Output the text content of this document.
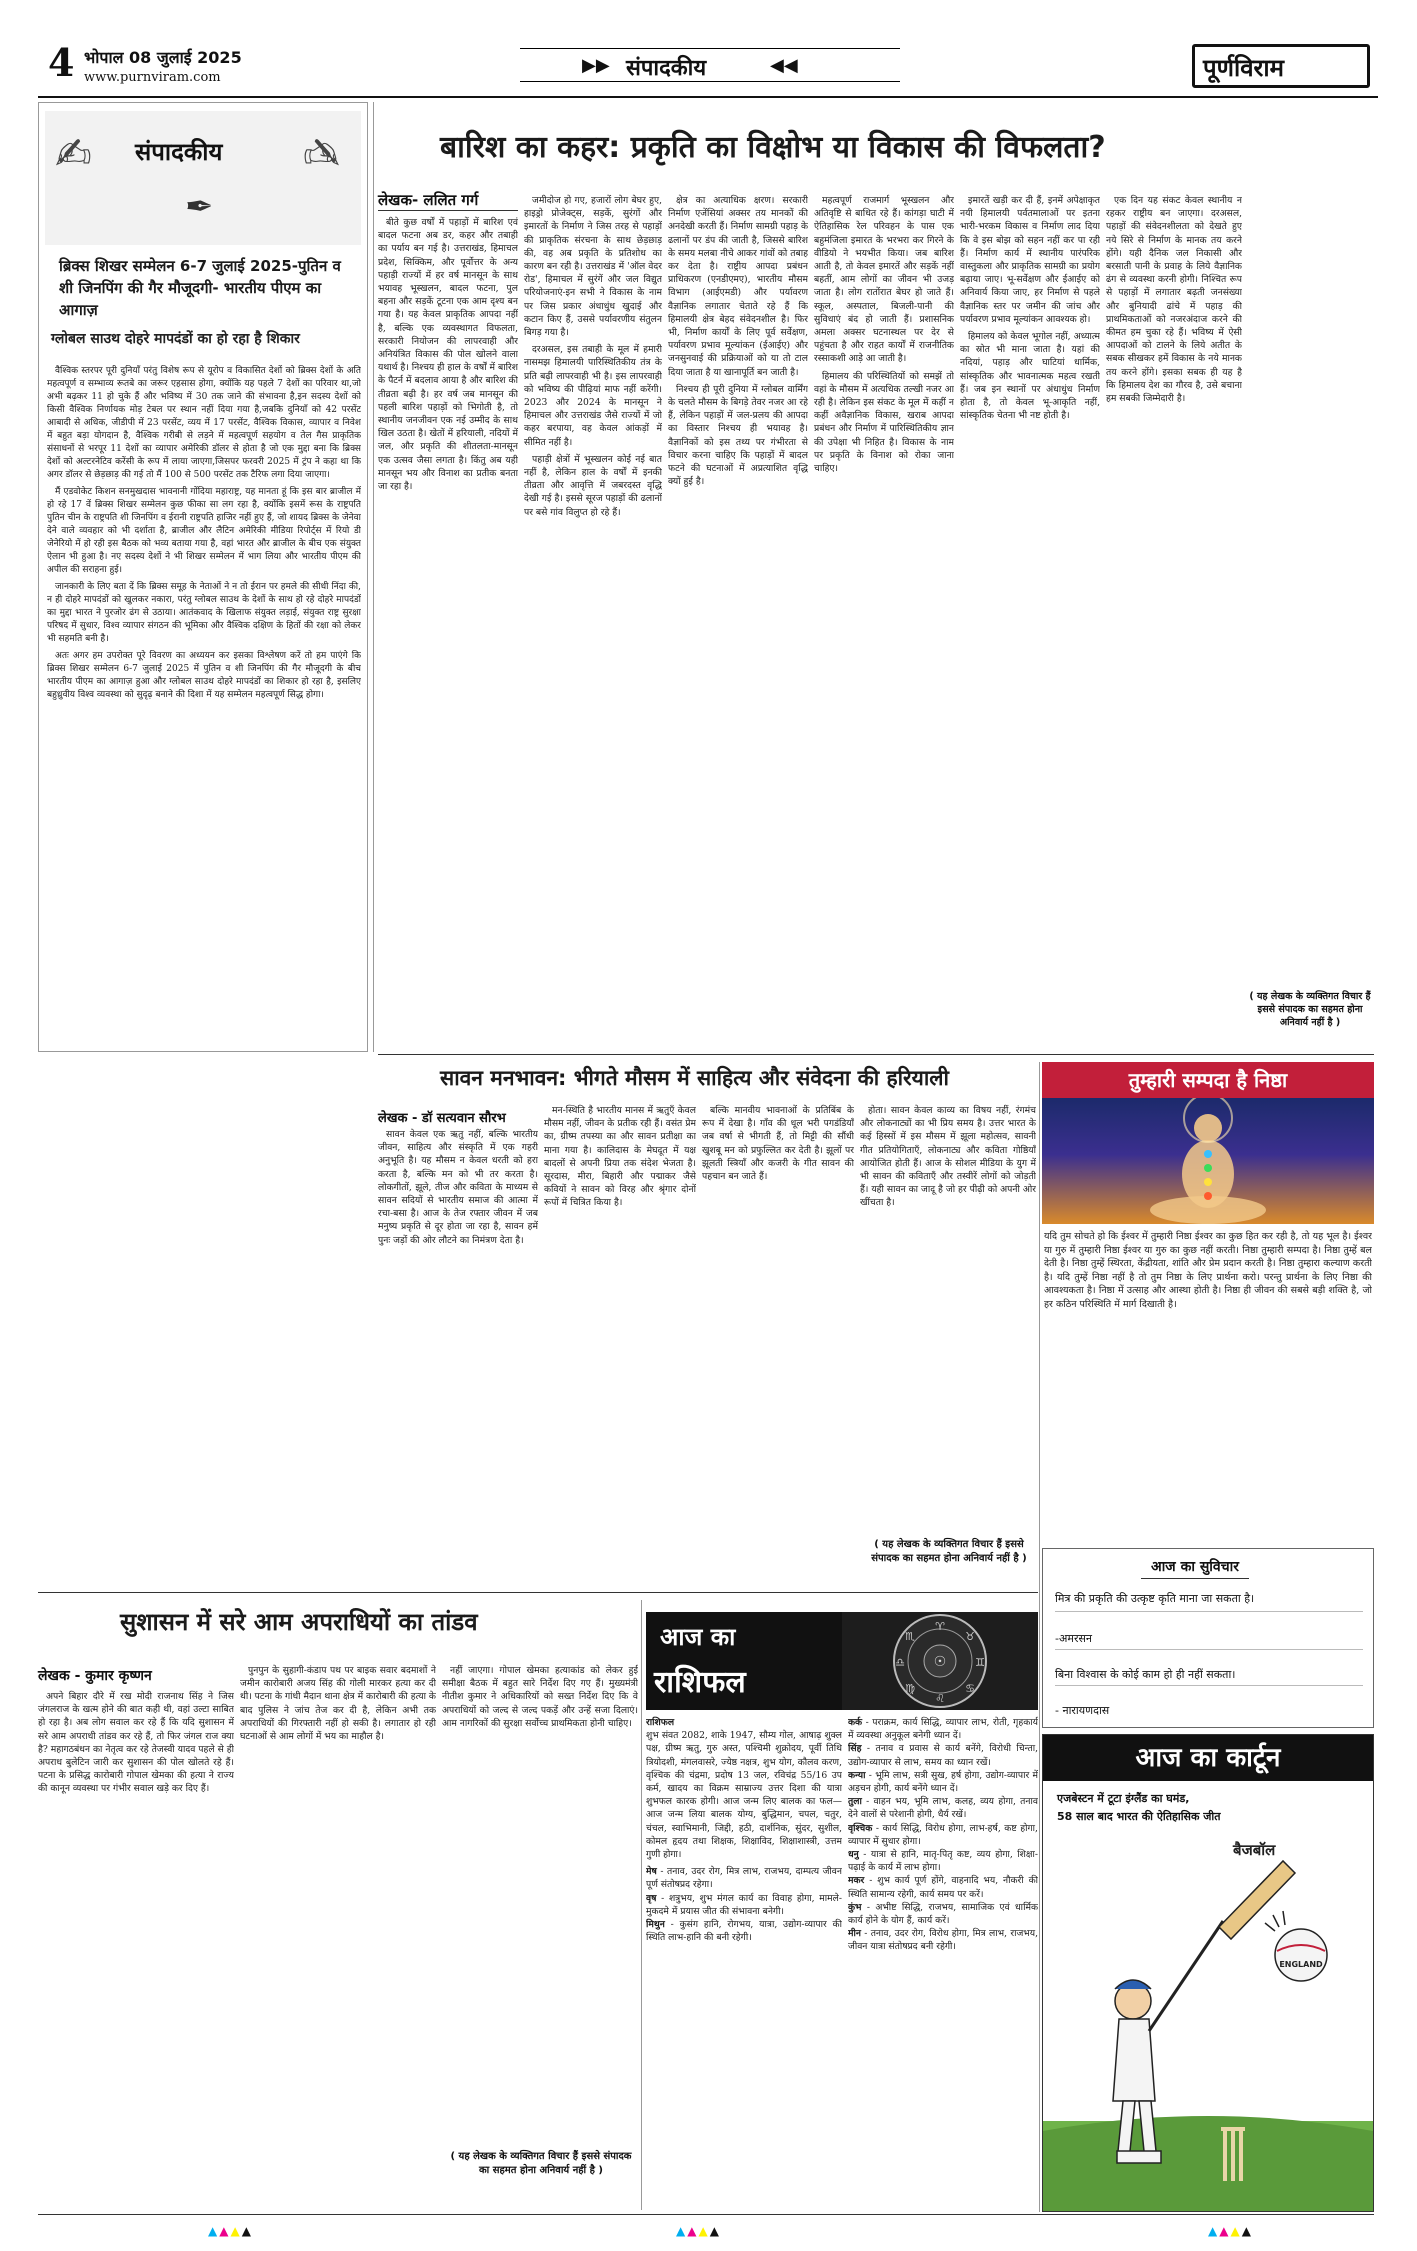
4 भोपाल 08 जुलाई 2025
www.purnviram.com
▶▶ संपादकीय	◀◀	पूर्णविराम
✍	✍
संपादकीय
✒
ब्रिक्स शिखर सम्मेलन 6-7 जुलाई 2025-पुतिन व शी जिनपिंग की गैर मौजूदगी- भारतीय पीएम का आगाज़
ग्लोबल साउथ दोहरे मापदंडों का हो रहा है शिकार

वैश्विक स्तरपर पूरी दुनियाँ परंतु विशेष रूप से यूरोप व विकासित देशों को ब्रिक्स देशों के अति महत्वपूर्ण व सम्भाव्य रूतबे का जरूर एहसास होगा, क्योंकि यह पहले 7 देशों का परिवार था,जो अभी बढ़कर 11 हो चुके हैं और भविष्य में 30 तक जाने की संभावना है,इन सदस्य देशों को किसी वैश्विक निर्णायक मोड़ टेबल पर स्थान नहीं दिया गया है,जबकि दुनियाँ को 42 परसेंट आबादी से अधिक, जीडीपी में 23 परसेंट, व्यय में 17 परसेंट, वैश्विक विकास, व्यापार व निवेश में बहुत बड़ा योगदान है, वैश्विक गरीबी से लड़ने में महत्वपूर्ण सहयोग व तेल गैस प्राकृतिक संसाधनों से भरपूर 11 देशों का व्यापार अमेरिकी डॉलर से होता है जो एक मुद्दा बना कि ब्रिक्स देशों को अल्टरनेटिव करेंसी के रूप में लाया जाएगा,जिसपर फरवरी 2025 में ट्रंप ने कहा था कि अगर डॉलर से छेड़छाड़ की गई तो मैं 100 से 500 परसेंट तक टैरिफ लगा दिया जाएगा।

मैं एडवोकेट किशन सनमुखदास भावनानी गोंदिया महाराष्ट्र, यह मानता हूं कि इस बार ब्राजील में हो रहे 17 वें ब्रिक्स शिखर सम्मेलन कुछ फीका सा लग रहा है, क्योंकि इसमें रूस के राष्ट्रपति पुतिन चीन के राष्ट्रपति शी जिनपिंग व ईरानी राष्ट्रपति हाजिर नहीं हुए हैं, जो शायद ब्रिक्स के जेनेवा देने वाले व्यवहार को भी दर्शाता है, ब्राजील और लैटिन अमेरिकी मीडिया रिपोर्ट्स में रियो डी जेनेरियो में हो रही इस बैठक को भव्य बताया गया है, वहां भारत और ब्राजील के बीच एक संयुक्त ऐलान भी हुआ है। नए सदस्य देशों ने भी शिखर सम्मेलन में भाग लिया और भारतीय पीएम की अपील की सराहना हुई।

जानकारी के लिए बता दें कि ब्रिक्स समूह के नेताओं ने न तो ईरान पर हमले की सीधी निंदा की, न ही दोहरे मापदंडों को खुलकर नकारा, परंतु ग्लोबल साउथ के देशों के साथ हो रहे दोहरे मापदंडों का मुद्दा भारत ने पुरजोर ढंग से उठाया। आतंकवाद के खिलाफ संयुक्त लड़ाई, संयुक्त राष्ट्र सुरक्षा परिषद में सुधार, विश्व व्यापार संगठन की भूमिका और वैश्विक दक्षिण के हितों की रक्षा को लेकर भी सहमति बनी है।

अतः अगर हम उपरोक्त पूरे विवरण का अध्ययन कर इसका विश्लेषण करें तो हम पाएंगे कि ब्रिक्स शिखर सम्मेलन 6-7 जुलाई 2025 में पुतिन व शी जिनपिंग की गैर मौजूदगी के बीच भारतीय पीएम का आगाज़ हुआ और ग्लोबल साउथ दोहरे मापदंडों का शिकार हो रहा है, इसलिए बहुध्रुवीय विश्व व्यवस्था को सुदृढ़ बनाने की दिशा में यह सम्मेलन महत्वपूर्ण सिद्ध होगा।

बारिश का कहर: प्रकृति का विक्षोभ या विकास की विफलता?
लेखक- ललित गर्ग

बीते कुछ वर्षों में पहाड़ों में बारिश एवं बादल फटना अब डर, कहर और तबाही का पर्याय बन गई है। उत्तराखंड, हिमाचल प्रदेश, सिक्किम, और पूर्वोत्तर के अन्य पहाड़ी राज्यों में हर वर्ष मानसून के साथ भयावह भूस्खलन, बादल फटना, पुल बहना और सड़कें टूटना एक आम दृश्य बन गया है। यह केवल प्राकृतिक आपदा नहीं है, बल्कि एक व्यवस्थागत विफलता, सरकारी नियोजन की लापरवाही और अनियंत्रित विकास की पोल खोलने वाला यथार्थ है। निश्चय ही हाल के वर्षों में बारिश के पैटर्न में बदलाव आया है और बारिश की तीव्रता बढ़ी है। हर वर्ष जब मानसून की पहली बारिश पहाड़ों को भिगोती है, तो स्थानीय जनजीवन एक नई उम्मीद के साथ खिल उठता है। खेतों में हरियाली, नदियों में जल, और प्रकृति की शीतलता-मानसून एक उत्सव जैसा लगता है। किंतु अब यही मानसून भय और विनाश का प्रतीक बनता जा रहा है।

जमीदोज हो गए, हजारों लोग बेघर हुए, हाइड्रो प्रोजेक्ट्स, सड़कें, सुरंगों और इमारतों के निर्माण ने जिस तरह से पहाड़ों की प्राकृतिक संरचना के साथ छेड़छाड़ की, वह अब प्रकृति के प्रतिशोध का कारण बन रही है। उत्तराखंड में 'ऑल वेदर रोड', हिमाचल में सुरंगें और जल विद्युत परियोजनाएं-इन सभी ने विकास के नाम पर जिस प्रकार अंधाधुंध खुदाई और कटान किए हैं, उससे पर्यावरणीय संतुलन बिगड़ गया है।

दरअसल, इस तबाही के मूल में हमारी नासमझ हिमालयी पारिस्थितिकीय तंत्र के प्रति बढ़ी लापरवाही भी है। इस लापरवाही को भविष्य की पीढ़ियां माफ नहीं करेंगी। 2023 और 2024 के मानसून ने हिमाचल और उत्तराखंड जैसे राज्यों में जो कहर बरपाया, वह केवल आंकड़ों में सीमित नहीं है।

पहाड़ी क्षेत्रों में भूस्खलन कोई नई बात नहीं है, लेकिन हाल के वर्षों में इनकी तीव्रता और आवृत्ति में जबरदस्त वृद्धि देखी गई है। इससे सूरज पहाड़ों की ढलानों पर बसे गांव विलुप्त हो रहे हैं।

क्षेत्र का अत्याधिक क्षरण। सरकारी निर्माण एजेंसियां अक्सर तय मानकों की अनदेखी करती हैं। निर्माण सामग्री पहाड़ के ढलानों पर डंप की जाती है, जिससे बारिश के समय मलबा नीचे आकर गांवों को तबाह कर देता है। राष्ट्रीय आपदा प्रबंधन प्राधिकरण (एनडीएमए), भारतीय मौसम विभाग (आईएमडी) और पर्यावरण वैज्ञानिक लगातार चेताते रहे हैं कि हिमालयी क्षेत्र बेहद संवेदनशील है। फिर भी, निर्माण कार्यों के लिए पूर्व सर्वेक्षण, पर्यावरण प्रभाव मूल्यांकन (ईआईए) और जनसुनवाई की प्रक्रियाओं को या तो टाल दिया जाता है या खानापूर्ति बन जाती है।

निश्चय ही पूरी दुनिया में ग्लोबल वार्मिंग के चलते मौसम के बिगड़े तेवर नजर आ रहे हैं, लेकिन पहाड़ों में जल-प्रलय की आपदा का विस्तार निश्चय ही भयावह है। वैज्ञानिकों को इस तथ्य पर गंभीरता से विचार करना चाहिए कि पहाड़ों में बादल फटने की घटनाओं में अप्रत्याशित वृद्धि क्यों हुई है।

महत्वपूर्ण राजमार्ग भूस्खलन और अतिवृष्टि से बाधित रहे हैं। कांगड़ा घाटी में ऐतिहासिक रेल परिवहन के पास एक बहुमंजिला इमारत के भरभरा कर गिरने के वीडियो ने भयभीत किया। जब बारिश आती है, तो केवल इमारतें और सड़कें नहीं बहतीं, आम लोगों का जीवन भी उजड़ जाता है। लोग रातोंरात बेघर हो जाते हैं। स्कूल, अस्पताल, बिजली-पानी की सुविधाएं बंद हो जाती हैं। प्रशासनिक अमला अक्सर घटनास्थल पर देर से पहुंचता है और राहत कार्यों में राजनीतिक रस्साकशी आड़े आ जाती है।

हिमालय की परिस्थितियों को समझें तो वहां के मौसम में अत्यधिक तल्खी नजर आ रही है। लेकिन इस संकट के मूल में कहीं न कहीं अवैज्ञानिक विकास, खराब आपदा प्रबंधन और निर्माण में पारिस्थितिकीय ज्ञान की उपेक्षा भी निहित है। विकास के नाम पर प्रकृति के विनाश को रोका जाना चाहिए।

इमारतें खड़ी कर दी हैं, इनमें अपेक्षाकृत नयी हिमालयी पर्वतमालाओं पर इतना भारी-भरकम विकास व निर्माण लाद दिया कि वे इस बोझ को सहन नहीं कर पा रही हैं। निर्माण कार्य में स्थानीय पारंपरिक वास्तुकला और प्राकृतिक सामग्री का प्रयोग बढ़ाया जाए। भू-सर्वेक्षण और ईआईए को अनिवार्य किया जाए, हर निर्माण से पहले वैज्ञानिक स्तर पर जमीन की जांच और पर्यावरण प्रभाव मूल्यांकन आवश्यक हो।

हिमालय को केवल भूगोल नहीं, अध्यात्म का स्रोत भी माना जाता है। यहां की नदियां, पहाड़ और घाटियां धार्मिक, सांस्कृतिक और भावनात्मक महत्व रखती हैं। जब इन स्थानों पर अंधाधुंध निर्माण होता है, तो केवल भू-आकृति नहीं, सांस्कृतिक चेतना भी नष्ट होती है।

एक दिन यह संकट केवल स्थानीय न रहकर राष्ट्रीय बन जाएगा। दरअसल, पहाड़ों की संवेदनशीलता को देखते हुए नये सिरे से निर्माण के मानक तय करने होंगे। यही दैनिक जल निकासी और बरसाती पानी के प्रवाह के लिये वैज्ञानिक ढंग से व्यवस्था करनी होगी। निश्चित रूप से पहाड़ों में लगातार बढ़ती जनसंख्या और बुनियादी ढांचे में पहाड़ की प्राथमिकताओं को नजरअंदाज करने की कीमत हम चुका रहे हैं। भविष्य में ऐसी आपदाओं को टालने के लिये अतीत के सबक सीखकर हमें विकास के नये मानक तय करने होंगे। इसका सबक ही यह है कि हिमालय देश का गौरव है, उसे बचाना हम सबकी जिम्मेदारी है।

( यह लेखक के व्यक्तिगत विचार हैं इससे संपादक का सहमत होना अनिवार्य नहीं है )

सावन मनभावन: भीगते मौसम में साहित्य और संवेदना की हरियाली
लेखक - डॉ सत्यवान सौरभ

सावन केवल एक ऋतु नहीं, बल्कि भारतीय जीवन, साहित्य और संस्कृति में एक गहरी अनुभूति है। यह मौसम न केवल धरती को हरा करता है, बल्कि मन को भी तर करता है। लोकगीतों, झूले, तीज और कविता के माध्यम से सावन सदियों से भारतीय समाज की आत्मा में रचा-बसा है। आज के तेज रफ्तार जीवन में जब मनुष्य प्रकृति से दूर होता जा रहा है, सावन हमें पुनः जड़ों की ओर लौटने का निमंत्रण देता है।

मन-स्थिति है भारतीय मानस में ऋतुएँ केवल मौसम नहीं, जीवन के प्रतीक रही हैं। वसंत प्रेम का, ग्रीष्म तपस्या का और सावन प्रतीक्षा का माना गया है। कालिदास के मेघदूत में यक्ष बादलों से अपनी प्रिया तक संदेश भेजता है। सूरदास, मीरा, बिहारी और पद्माकर जैसे कवियों ने सावन को विरह और श्रृंगार दोनों रूपों में चित्रित किया है।

बल्कि मानवीय भावनाओं के प्रतिबिंब के रूप में देखा है। गाँव की धूल भरी पगडंडियाँ जब वर्षा से भीगती हैं, तो मिट्टी की सौंधी खुशबू मन को प्रफुल्लित कर देती है। झूलों पर झूलती स्त्रियाँ और कजरी के गीत सावन की पहचान बन जाते हैं।

होता। सावन केवल काव्य का विषय नहीं, रंगमंच और लोकनाट्यों का भी प्रिय समय है। उत्तर भारत के कई हिस्सों में इस मौसम में झूला महोत्सव, सावनी गीत प्रतियोगिताएँ, लोकनाट्य और कविता गोष्ठियाँ आयोजित होती हैं। आज के सोशल मीडिया के युग में भी सावन की कविताएँ और तस्वीरें लोगों को जोड़ती हैं। यही सावन का जादू है जो हर पीढ़ी को अपनी ओर खींचता है।

( यह लेखक के व्यक्तिगत विचार हैं इससे संपादक का सहमत होना अनिवार्य नहीं है )
तुम्हारी सम्पदा है निष्ठा
यदि तुम सोचते हो कि ईश्वर में तुम्हारी निष्ठा ईश्वर का कुछ हित कर रही है, तो यह भूल है। ईश्वर या गुरु में तुम्हारी निष्ठा ईश्वर या गुरु का कुछ नहीं करती। निष्ठा तुम्हारी सम्पदा है। निष्ठा तुम्हें बल देती है। निष्ठा तुम्हें स्थिरता, केंद्रीयता, शांति और प्रेम प्रदान करती है। निष्ठा तुम्हारा कल्याण करती है। यदि तुम्हें निष्ठा नहीं है तो तुम निष्ठा के लिए प्रार्थना करो। परन्तु प्रार्थना के लिए निष्ठा की आवश्यकता है। निष्ठा में उत्साह और आस्था होती है। निष्ठा ही जीवन की सबसे बड़ी शक्ति है, जो हर कठिन परिस्थिति में मार्ग दिखाती है।
आज का सुविचार
मित्र की प्रकृति की उत्कृष्ट कृति माना जा सकता है।
-अमरसन
बिना विश्वास के कोई काम हो ही नहीं सकता।
- नारायणदास
सुशासन में सरे आम अपराधियों का तांडव
लेखक - कुमार कृष्णन

अपने बिहार दौरे में रख मोदी राजनाथ सिंह ने जिस जंगलराज के खत्म होने की बात कही थी, वहां उल्टा साबित हो रहा है। अब लोग सवाल कर रहे हैं कि यदि सुशासन में सरे आम अपराधी तांडव कर रहे हैं, तो फिर जंगल राज क्या है? महागठबंधन का नेतृत्व कर रहे तेजस्वी यादव पहले से ही अपराध बुलेटिन जारी कर सुशासन की पोल खोलते रहे हैं। पटना के प्रसिद्ध कारोबारी गोपाल खेमका की हत्या ने राज्य की कानून व्यवस्था पर गंभीर सवाल खड़े कर दिए हैं।

पुनपुन के सुहागी-कंडाप पथ पर बाइक सवार बदमाशों ने जमीन कारोबारी अजय सिंह की गोली मारकर हत्या कर दी थी। पटना के गांधी मैदान थाना क्षेत्र में कारोबारी की हत्या के बाद पुलिस ने जांच तेज कर दी है, लेकिन अभी तक अपराधियों की गिरफ्तारी नहीं हो सकी है। लगातार हो रही घटनाओं से आम लोगों में भय का माहौल है।

नहीं जाएगा। गोपाल खेमका हत्याकांड को लेकर हुई समीक्षा बैठक में बहुत सारे निर्देश दिए गए हैं। मुख्यमंत्री नीतीश कुमार ने अधिकारियों को सख्त निर्देश दिए कि वे अपराधियों को जल्द से जल्द पकड़ें और उन्हें सजा दिलाएं। आम नागरिकों की सुरक्षा सर्वोच्च प्राथमिकता होनी चाहिए।

( यह लेखक के व्यक्तिगत विचार हैं इससे संपादक का सहमत होना अनिवार्य नहीं है )
आज का
राशिफल
☉
♈
♉
♊
♋
♌
♍
♎
♏
राशिफल

शुभ संवत 2082, शाके 1947, सौम्य गोल, आषाढ़ शुक्ल पक्ष, ग्रीष्म ऋतु, गुरु अस्त, पश्चिमी शुक्रोदय, पूर्वी तिथि त्रियोदशी, मंगलवासरे, ज्येष्ठ नक्षत्र, शुभ योग, कौलव करण, वृश्चिक की चंद्रमा, प्रदोष 13 जल, रविचंद्र 55/16 उप कर्म, खादय का विक्रम साम्राज्य उत्तर दिशा की यात्रा शुभफल कारक होगी। आज जन्म लिए बालक का फल— आज जन्म लिया बालक योग्य, बुद्धिमान, चपल, चतुर, चंचल, स्वाभिमानी, जिद्दी, हठी, दार्शनिक, सुंदर, सुशील, कोमल हृदय तथा शिक्षक, शिक्षाविद, शिक्षाशास्त्री, उत्तम गुणी होगा।

मेष - तनाव, उदर रोग, मित्र लाभ, राजभय, दाम्पत्य जीवन पूर्ण संतोषप्रद रहेगा।
वृष - शत्रुभय, शुभ मंगल कार्य का विवाह होगा, मामले-मुकदमे में प्रयास जीत की संभावना बनेगी।
मिथुन - कुसंग हानि, रोगभय, यात्रा, उद्योग-व्यापार की स्थिति लाभ-हानि की बनी रहेगी।
कर्क - पराक्रम, कार्य सिद्धि, व्यापार लाभ, रोती, गृहकार्य में व्यवस्था अनुकूल बनेगी ध्यान दें।
सिंह - तनाव व प्रवास से कार्य बनेंगे, विरोधी चिन्ता, उद्योग-व्यापार से लाभ, समय का ध्यान रखें।
कन्या - भूमि लाभ, सत्री सुख, हर्ष होगा, उद्योग-व्यापार में अड़चन होगी, कार्य बनेंगे ध्यान दें।
तुला - वाहन भय, भूमि लाभ, कलह, व्यय होगा, तनाव देने वालों से परेशानी होगी, धैर्य रखें।
वृश्चिक - कार्य सिद्धि, विरोध होगा, लाभ-हर्ष, कष्ट होगा, व्यापार में सुधार होगा।
धनु - यात्रा से हानि, मातृ-पितृ कष्ट, व्यय होगा, शिक्षा-पढ़ाई के कार्य में लाभ होगा।
मकर - शुभ कार्य पूर्ण होंगे, वाहनादि भय, नौकरी की स्थिति सामान्य रहेगी, कार्य समय पर करें।
कुंभ - अभीष्ट सिद्धि, राजभय, सामाजिक एवं धार्मिक कार्य होने के योग हैं, कार्य करें।
मीन - तनाव, उदर रोग, विरोध होगा, मित्र लाभ, राजभय, जीवन यात्रा संतोषप्रद बनी रहेगी।
आज का कार्टून
एजबेस्टन में टूटा इंग्लैंड का घमंड,
58 साल बाद भारत की ऐतिहासिक जीत
बैजबॉल
ENGLAND
▲▲▲▲	▲▲▲▲	▲▲▲▲
